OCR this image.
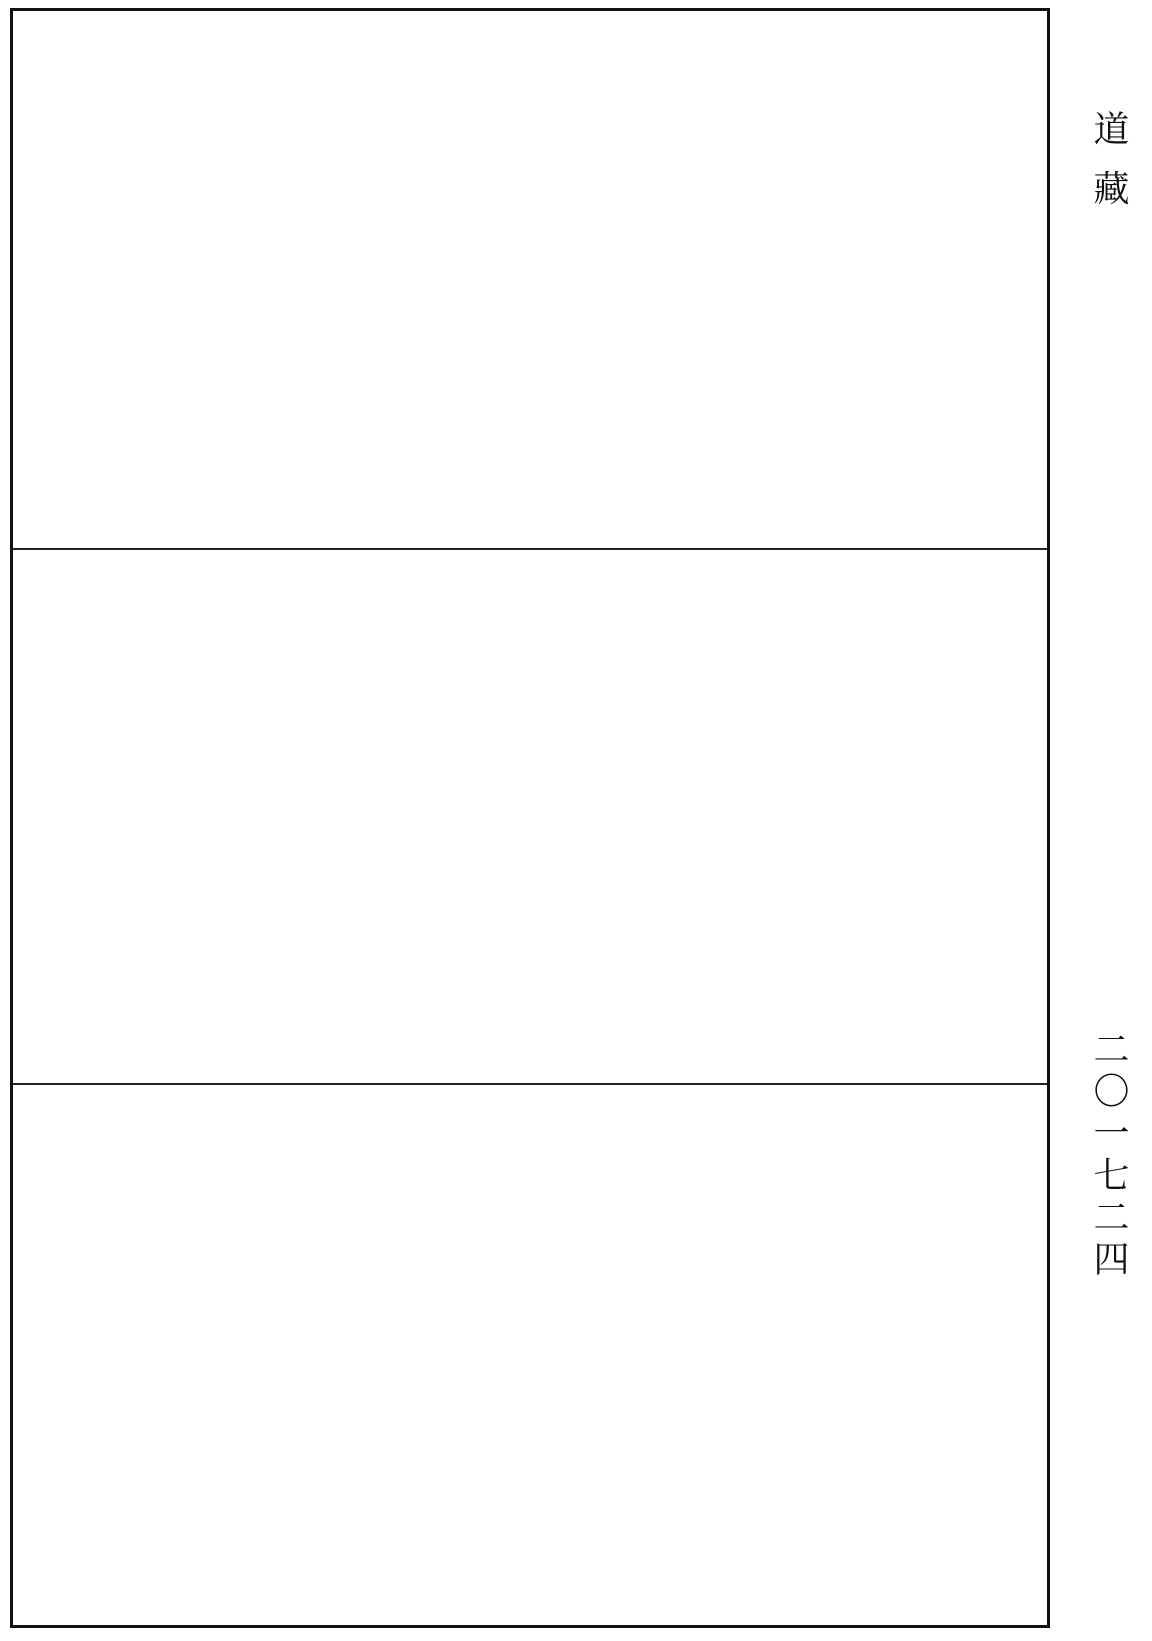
道 藏
二〇一七二四
